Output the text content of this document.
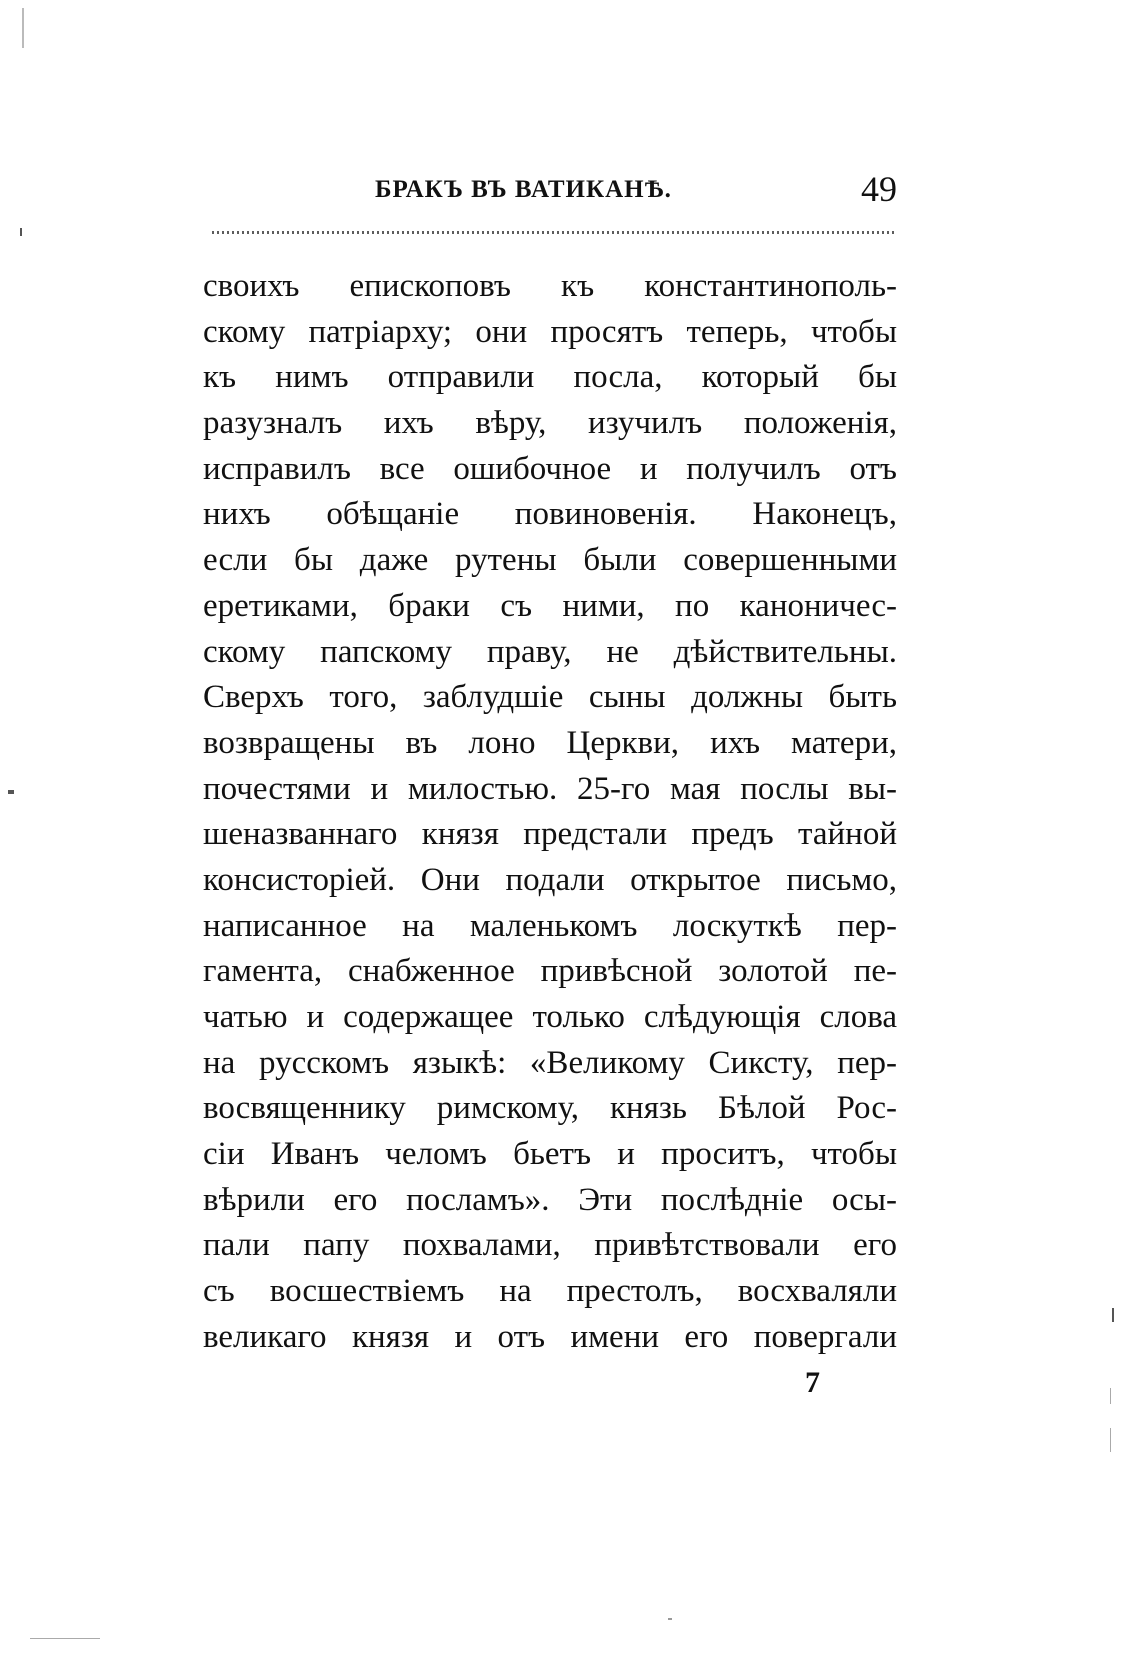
БРАКЪ ВЪ ВАТИКАНѢ.	49
своихъ епископовъ къ константинополь-
скому патріарху; они просятъ теперь, чтобы
къ нимъ отправили посла, который бы
разузналъ ихъ вѣру, изучилъ положенія,
исправилъ все ошибочное и получилъ отъ
нихъ обѣщаніе повиновенія. Наконецъ,
если бы даже рутены были совершенными
еретиками, браки съ ними, по каноничес-
скому папскому праву, не дѣйствительны.
Сверхъ того, заблудшіе сыны должны быть
возвращены въ лоно Церкви, ихъ матери,
почестями и милостью. 25-го мая послы вы-
шеназваннаго князя предстали предъ тайной
консисторіей. Они подали открытое письмо,
написанное на маленькомъ лоскуткѣ пер-
гамента, снабженное привѣсной золотой пе-
чатью и содержащее только слѣдующія слова
на русскомъ языкѣ: «Великому Сиксту, пер-
восвященнику римскому, князь Бѣлой Рос-
сіи Иванъ челомъ бьетъ и проситъ, чтобы
вѣрили его посламъ». Эти послѣдніе осы-
пали папу похвалами, привѣтствовали его
съ восшествіемъ на престолъ, восхваляли
великаго князя и отъ имени его повергали
7
